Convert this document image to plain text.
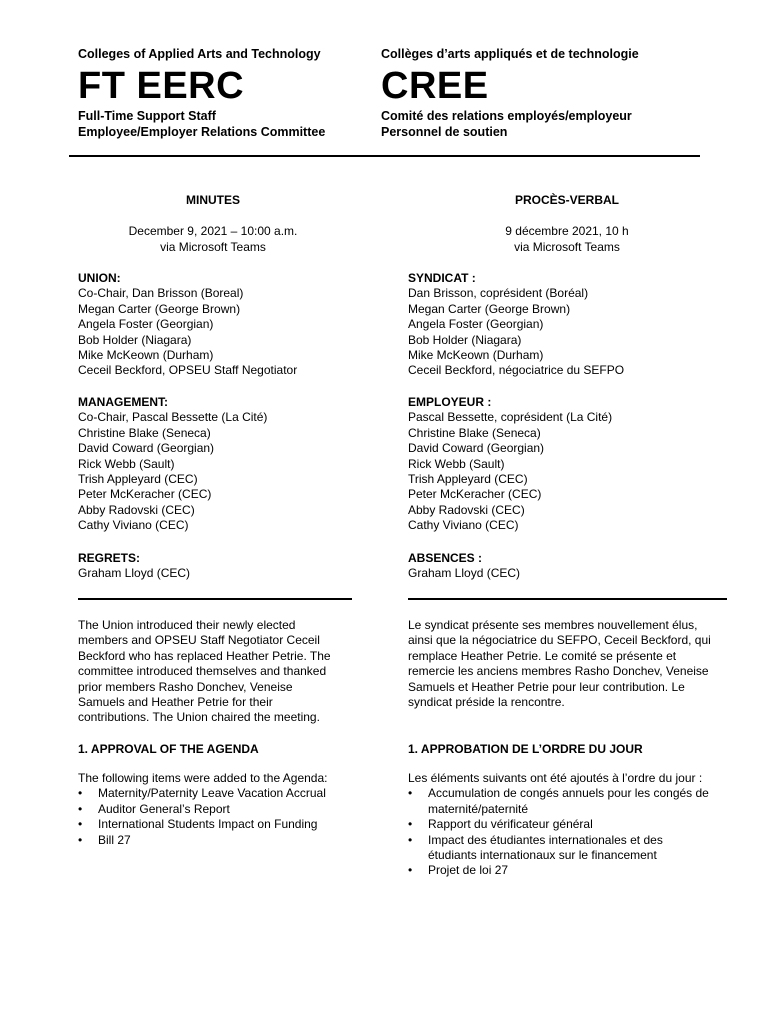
Colleges of Applied Arts and Technology
FT EERC
Full-Time Support Staff
Employee/Employer Relations Committee
Collèges d’arts appliqués et de technologie
CREE
Comité des relations employés/employeur
Personnel de soutien
MINUTES
December 9, 2021 – 10:00 a.m.
via Microsoft Teams
PROCÈS-VERBAL
9 décembre 2021, 10 h
via Microsoft Teams
UNION:
Co-Chair, Dan Brisson (Boreal)
Megan Carter (George Brown)
Angela Foster (Georgian)
Bob Holder (Niagara)
Mike McKeown (Durham)
Ceceil Beckford, OPSEU Staff Negotiator
SYNDICAT :
Dan Brisson, coprésident (Boréal)
Megan Carter (George Brown)
Angela Foster (Georgian)
Bob Holder (Niagara)
Mike McKeown (Durham)
Ceceil Beckford, négociatrice du SEFPO
MANAGEMENT:
Co-Chair, Pascal Bessette (La Cité)
Christine Blake (Seneca)
David Coward (Georgian)
Rick Webb (Sault)
Trish Appleyard (CEC)
Peter McKeracher (CEC)
Abby Radovski (CEC)
Cathy Viviano (CEC)
EMPLOYEUR :
Pascal Bessette, coprésident (La Cité)
Christine Blake (Seneca)
David Coward (Georgian)
Rick Webb (Sault)
Trish Appleyard (CEC)
Peter McKeracher (CEC)
Abby Radovski (CEC)
Cathy Viviano (CEC)
REGRETS:
Graham Lloyd (CEC)
ABSENCES :
Graham Lloyd (CEC)
The Union introduced their newly elected
members and OPSEU Staff Negotiator Ceceil
Beckford who has replaced Heather Petrie. The
committee introduced themselves and thanked
prior members Rasho Donchev, Veneise
Samuels and Heather Petrie for their
contributions. The Union chaired the meeting.
Le syndicat présente ses membres nouvellement élus,
ainsi que la négociatrice du SEFPO, Ceceil Beckford, qui
remplace Heather Petrie. Le comité se présente et
remercie les anciens membres Rasho Donchev, Veneise
Samuels et Heather Petrie pour leur contribution. Le
syndicat préside la rencontre.
1. APPROVAL OF THE AGENDA	1. APPROBATION DE L’ORDRE DU JOUR
The following items were added to the Agenda:
• Maternity/Paternity Leave Vacation Accrual
• Auditor General’s Report
• International Students Impact on Funding
• Bill 27
Les éléments suivants ont été ajoutés à l’ordre du jour :
• Accumulation de congés annuels pour les congés de
maternité/paternité
• Rapport du vérificateur général
• Impact des étudiantes internationales et des
étudiants internationaux sur le financement
• Projet de loi 27
